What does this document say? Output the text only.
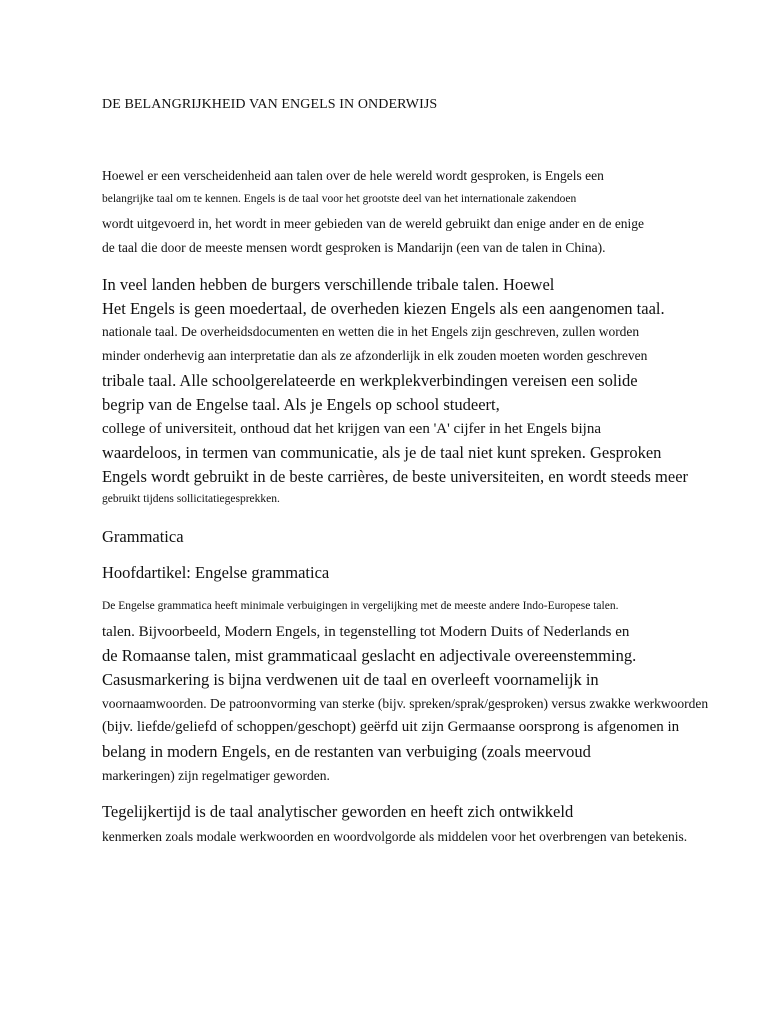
DE BELANGRIJKHEID VAN ENGELS IN ONDERWIJS
Hoewel er een verscheidenheid aan talen over de hele wereld wordt gesproken, is Engels een
belangrijke taal om te kennen. Engels is de taal voor het grootste deel van het internationale zakendoen
wordt uitgevoerd in, het wordt in meer gebieden van de wereld gebruikt dan enige ander en de enige
de taal die door de meeste mensen wordt gesproken is Mandarijn (een van de talen in China).
In veel landen hebben de burgers verschillende tribale talen. Hoewel
Het Engels is geen moedertaal, de overheden kiezen Engels als een aangenomen taal.
nationale taal. De overheidsdocumenten en wetten die in het Engels zijn geschreven, zullen worden
minder onderhevig aan interpretatie dan als ze afzonderlijk in elk zouden moeten worden geschreven
tribale taal. Alle schoolgerelateerde en werkplekverbindingen vereisen een solide
begrip van de Engelse taal. Als je Engels op school studeert,
college of universiteit, onthoud dat het krijgen van een 'A' cijfer in het Engels bijna
waardeloos, in termen van communicatie, als je de taal niet kunt spreken. Gesproken
Engels wordt gebruikt in de beste carrières, de beste universiteiten, en wordt steeds meer
gebruikt tijdens sollicitatiegesprekken.
Grammatica
Hoofdartikel: Engelse grammatica
De Engelse grammatica heeft minimale verbuigingen in vergelijking met de meeste andere Indo-Europese talen.
talen. Bijvoorbeeld, Modern Engels, in tegenstelling tot Modern Duits of Nederlands en
de Romaanse talen, mist grammaticaal geslacht en adjectivale overeenstemming.
Casusmarkering is bijna verdwenen uit de taal en overleeft voornamelijk in
voornaamwoorden. De patroonvorming van sterke (bijv. spreken/sprak/gesproken) versus zwakke werkwoorden
(bijv. liefde/geliefd of schoppen/geschopt) geërfd uit zijn Germaanse oorsprong is afgenomen in
belang in modern Engels, en de restanten van verbuiging (zoals meervoud
markeringen) zijn regelmatiger geworden.
Tegelijkertijd is de taal analytischer geworden en heeft zich ontwikkeld
kenmerken zoals modale werkwoorden en woordvolgorde als middelen voor het overbrengen van betekenis.
